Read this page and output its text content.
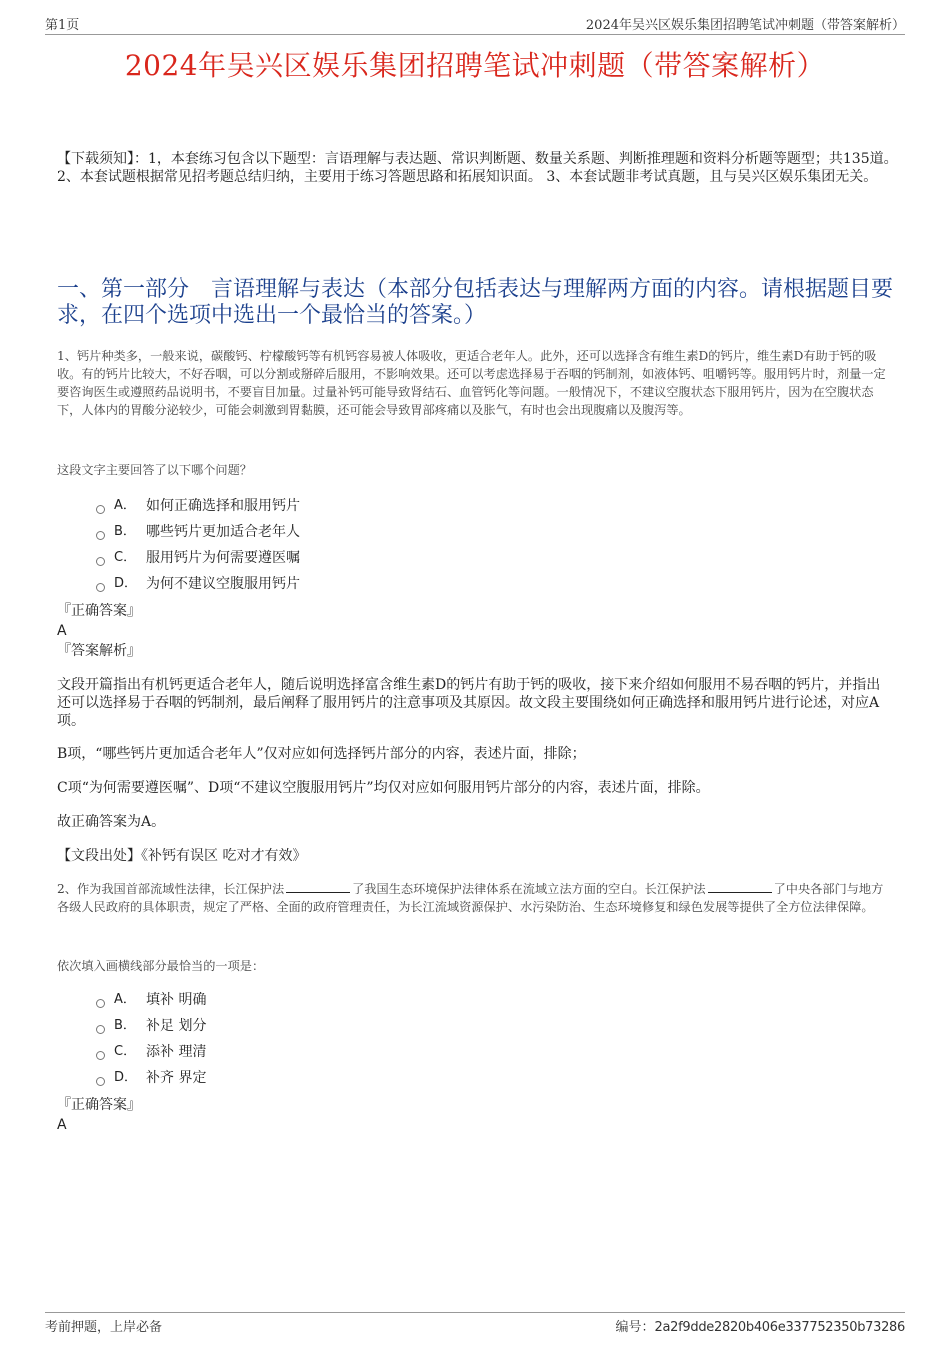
第1页	2024年吴兴区娱乐集团招聘笔试冲刺题（带答案解析）
2024年吴兴区娱乐集团招聘笔试冲刺题（带答案解析）
【下载须知】：1，本套练习包含以下题型：言语理解与表达题、常识判断题、数量关系题、判断推理题和资料分析题等题型；共135道。 2、本套试题根据常见招考题总结归纳，主要用于练习答题思路和拓展知识面。 3、本套试题非考试真题，且与吴兴区娱乐集团无关。
一、第一部分　言语理解与表达（本部分包括表达与理解两方面的内容。请根据题目要求，在四个选项中选出一个最恰当的答案。）
1、钙片种类多，一般来说，碳酸钙、柠檬酸钙等有机钙容易被人体吸收，更适合老年人。此外，还可以选择含有维生素D的钙片，维生素D有助于钙的吸收。有的钙片比较大，不好吞咽，可以分割或掰碎后服用，不影响效果。还可以考虑选择易于吞咽的钙制剂，如液体钙、咀嚼钙等。服用钙片时，剂量一定要咨询医生或遵照药品说明书，不要盲目加量。过量补钙可能导致肾结石、血管钙化等问题。一般情况下，不建议空腹状态下服用钙片，因为在空腹状态下，人体内的胃酸分泌较少，可能会刺激到胃黏膜，还可能会导致胃部疼痛以及胀气，有时也会出现腹痛以及腹泻等。
这段文字主要回答了以下哪个问题？
A． 如何正确选择和服用钙片
B． 哪些钙片更加适合老年人
C． 服用钙片为何需要遵医嘱
D． 为何不建议空腹服用钙片
『正确答案』
A
『答案解析』

文段开篇指出有机钙更适合老年人，随后说明选择富含维生素D的钙片有助于钙的吸收，接下来介绍如何服用不易吞咽的钙片，并指出还可以选择易于吞咽的钙制剂，最后阐释了服用钙片的注意事项及其原因。故文段主要围绕如何正确选择和服用钙片进行论述，对应A项。

B项，“哪些钙片更加适合老年人”仅对应如何选择钙片部分的内容，表述片面，排除；

C项“为何需要遵医嘱”、D项“不建议空腹服用钙片”均仅对应如何服用钙片部分的内容，表述片面，排除。

故正确答案为A。

【文段出处】《补钙有误区 吃对才有效》

2、作为我国首部流域性法律，长江保护法	了我国生态环境保护法律体系在流域立法方面的空白。长江保护法	了中央各部门与地方各级人民政府的具体职责，规定了严格、全面的政府管理责任，为长江流域资源保护、水污染防治、生态环境修复和绿色发展等提供了全方位法律保障。
依次填入画横线部分最恰当的一项是：
A． 填补 明确
B． 补足 划分
C． 添补 理清
D． 补齐 界定
『正确答案』
A
考前押题，上岸必备	编号：2a2f9dde2820b406e337752350b73286
